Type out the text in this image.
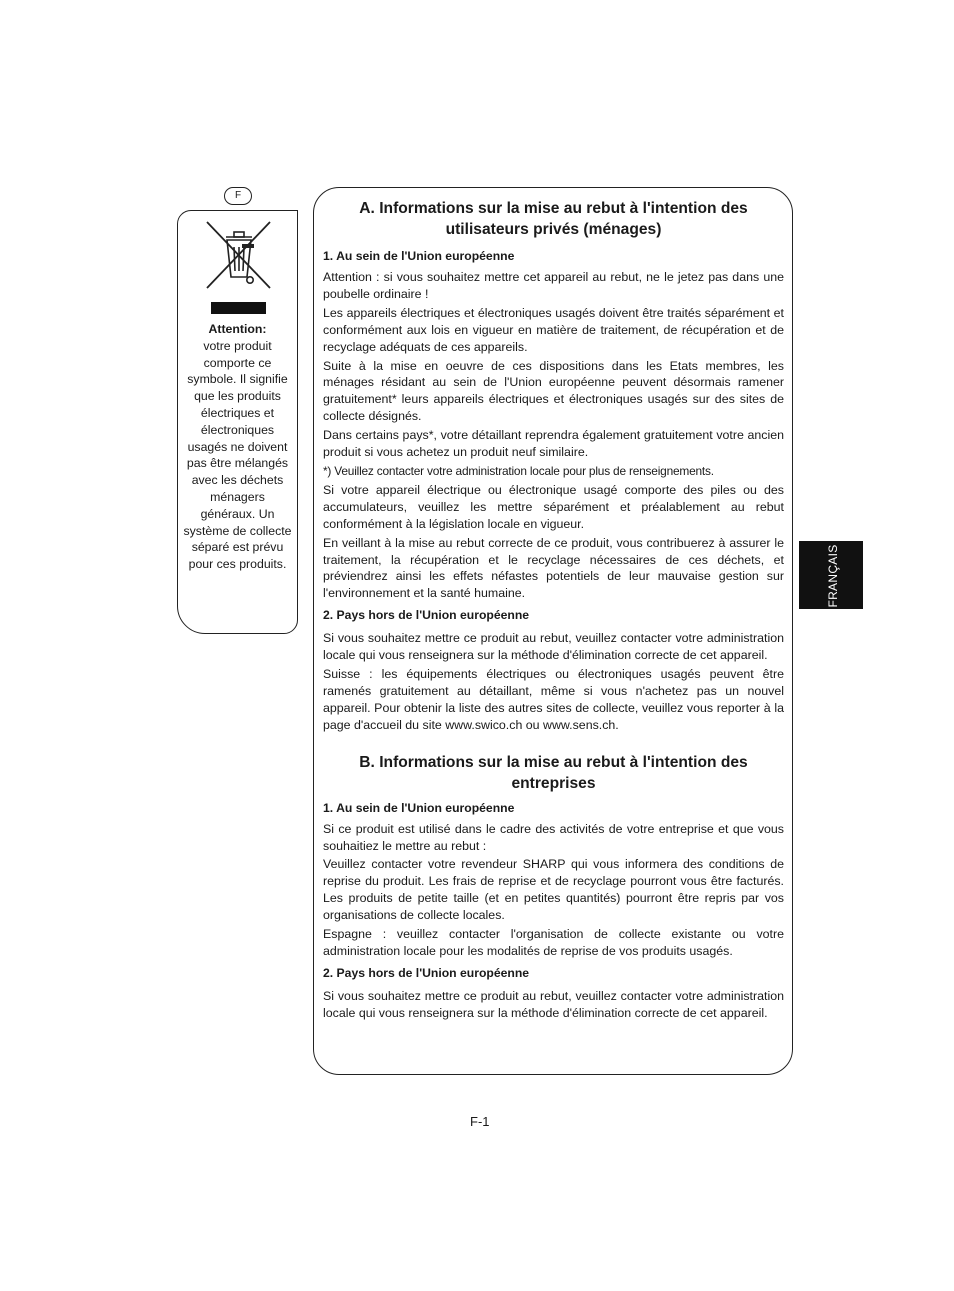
F
Attention:
votre produit comporte ce symbole. Il signifie que les produits électriques et électroniques usagés ne doivent pas être mélangés avec les déchets ménagers généraux. Un système de collecte séparé est prévu pour ces produits.
A. Informations sur la mise au rebut à l'intention des utilisateurs privés (ménages)
1. Au sein de l'Union européenne

Attention : si vous souhaitez mettre cet appareil au rebut, ne le jetez pas dans une poubelle ordinaire !

Les appareils électriques et électroniques usagés doivent être traités séparément et conformément aux lois en vigueur en matière de traitement, de récupération et de recyclage adéquats de ces appareils.

Suite à la mise en oeuvre de ces dispositions dans les Etats membres, les ménages résidant au sein de l'Union européenne peuvent désormais ramener gratuitement* leurs appareils électriques et électroniques usagés sur des sites de collecte désignés.

Dans certains pays*, votre détaillant reprendra également gratuitement votre ancien produit si vous achetez un produit neuf similaire.

*) Veuillez contacter votre administration locale pour plus de renseignements.

Si votre appareil électrique ou électronique usagé comporte des piles ou des accumulateurs, veuillez les mettre séparément et préalablement au rebut conformément à la législation locale en vigueur.

En veillant à la mise au rebut correcte de ce produit, vous contribuerez à assurer le traitement, la récupération et le recyclage nécessaires de ces déchets, et préviendrez ainsi les effets néfastes potentiels de leur mauvaise gestion sur l'environnement et la santé humaine.

2. Pays hors de l'Union européenne

Si vous souhaitez mettre ce produit au rebut, veuillez contacter votre administration locale qui vous renseignera sur la méthode d'élimination correcte de cet appareil.

Suisse : les équipements électriques ou électroniques usagés peuvent être ramenés gratuitement au détaillant, même si vous n'achetez pas un nouvel appareil. Pour obtenir la liste des autres sites de collecte, veuillez vous reporter à la page d'accueil du site www.swico.ch ou www.sens.ch.

B. Informations sur la mise au rebut à l'intention des entreprises
1. Au sein de l'Union européenne

Si ce produit est utilisé dans le cadre des activités de votre entreprise et que vous souhaitiez le mettre au rebut :

Veuillez contacter votre revendeur SHARP qui vous informera des conditions de reprise du produit. Les frais de reprise et de recyclage pourront vous être facturés. Les produits de petite taille (et en petites quantités) pourront être repris par vos organisations de collecte locales.

Espagne : veuillez contacter l'organisation de collecte existante ou votre administration locale pour les modalités de reprise de vos produits usagés.

2. Pays hors de l'Union européenne

Si vous souhaitez mettre ce produit au rebut, veuillez contacter votre administration locale qui vous renseignera sur la méthode d'élimination correcte de cet appareil.

FRANÇAIS
F-1
